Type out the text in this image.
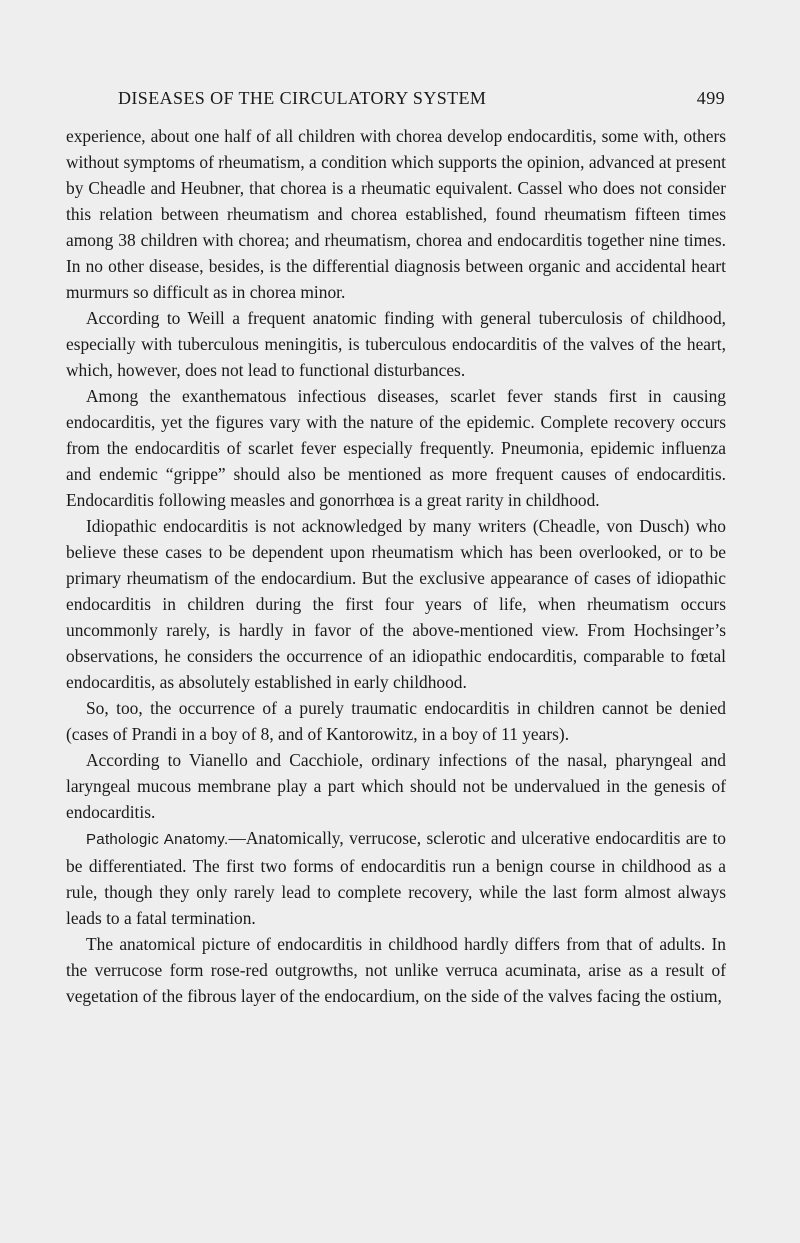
DISEASES OF THE CIRCULATORY SYSTEM	499

experience, about one half of all children with chorea develop endocarditis, some with, others without symptoms of rheumatism, a condition which supports the opinion, advanced at present by Cheadle and Heubner, that chorea is a rheumatic equivalent. Cassel who does not consider this relation between rheumatism and chorea established, found rheumatism fifteen times among 38 children with chorea; and rheumatism, chorea and endocarditis together nine times. In no other disease, besides, is the differential diagnosis between organic and accidental heart murmurs so difficult as in chorea minor.

According to Weill a frequent anatomic finding with general tuberculosis of childhood, especially with tuberculous meningitis, is tuberculous endocarditis of the valves of the heart, which, however, does not lead to functional disturbances.

Among the exanthematous infectious diseases, scarlet fever stands first in causing endocarditis, yet the figures vary with the nature of the epidemic. Complete recovery occurs from the endocarditis of scarlet fever especially frequently. Pneumonia, epidemic influenza and endemic “grippe” should also be mentioned as more frequent causes of endocarditis. Endocarditis following measles and gonorrhœa is a great rarity in childhood.

Idiopathic endocarditis is not acknowledged by many writers (Cheadle, von Dusch) who believe these cases to be dependent upon rheumatism which has been overlooked, or to be primary rheumatism of the endocardium. But the exclusive appearance of cases of idiopathic endocarditis in children during the first four years of life, when rheumatism occurs uncommonly rarely, is hardly in favor of the above-mentioned view. From Hochsinger’s observations, he considers the occurrence of an idiopathic endocarditis, comparable to fœtal endocarditis, as absolutely established in early childhood.

So, too, the occurrence of a purely traumatic endocarditis in children cannot be denied (cases of Prandi in a boy of 8, and of Kantorowitz, in a boy of 11 years).

According to Vianello and Cacchiole, ordinary infections of the nasal, pharyngeal and laryngeal mucous membrane play a part which should not be undervalued in the genesis of endocarditis.

Pathologic Anatomy.—Anatomically, verrucose, sclerotic and ulcerative endocarditis are to be differentiated. The first two forms of endocarditis run a benign course in childhood as a rule, though they only rarely lead to complete recovery, while the last form almost always leads to a fatal termination.

The anatomical picture of endocarditis in childhood hardly differs from that of adults. In the verrucose form rose-red outgrowths, not unlike verruca acuminata, arise as a result of vegetation of the fibrous layer of the endocardium, on the side of the valves facing the ostium,
